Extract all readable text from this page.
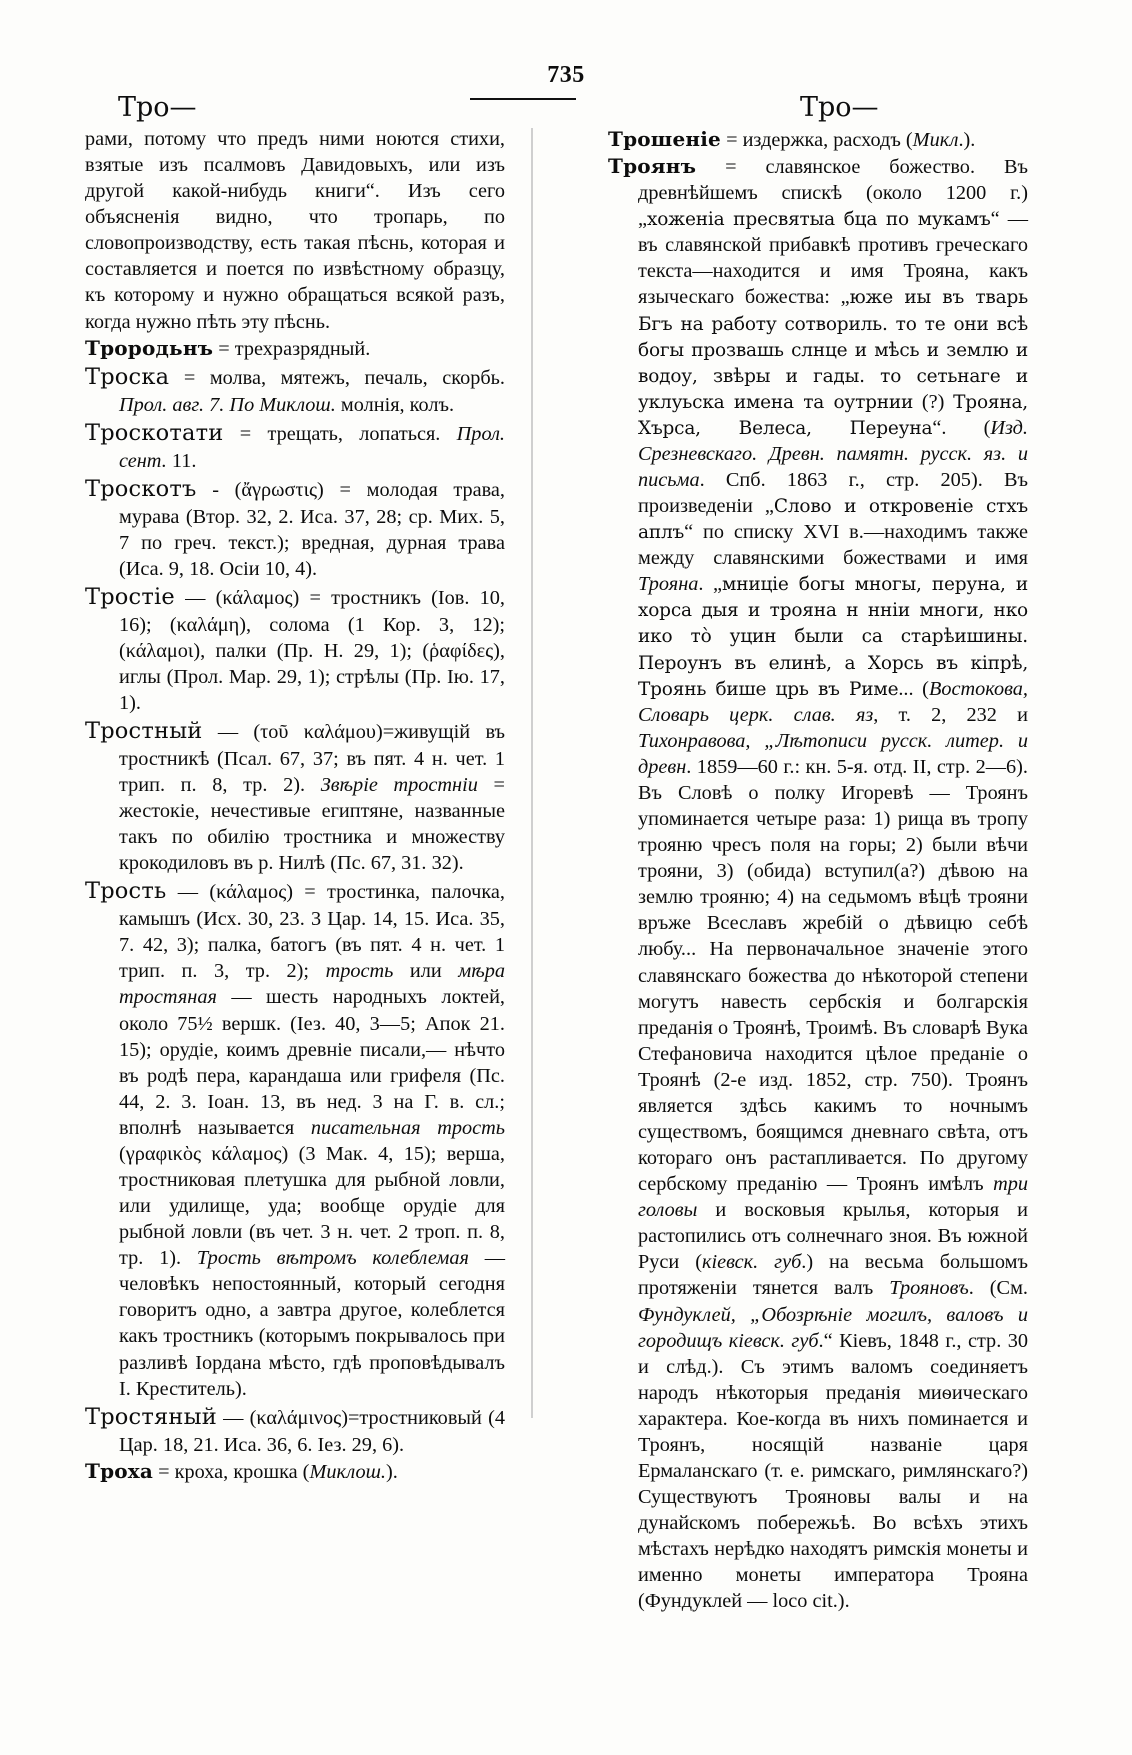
735
Тро—	Тро—

рами, потому что предъ ними ноются стихи, взятые изъ псалмовъ Давидовыхъ, или изъ другой какой-нибудь книги“. Изъ сего объясненія видно, что тропарь, по словопроизводству, есть такая пѣснь, которая и составляется и поется по извѣстному образцу, къ которому и нужно обращаться всякой разъ, когда нужно пѣть эту пѣснь.

Трородьнъ = трехразрядный.

Троска = молва, мятежъ, печаль, скорбь. Прол. авг. 7. По Миклош. молнія, колъ.

Троскотати = трещать, лопаться. Прол. сент. 11.

Троскотъ - (ἄγρωστις) = молодая трава, мурава (Втор. 32, 2. Иса. 37, 28; ср. Мих. 5, 7 по греч. текст.); вредная, дурная трава (Иса. 9, 18. Осіи 10, 4).

Тростіе — (κάλαμος) = тростникъ (Іов. 10, 16); (καλάμη), солома (1 Кор. 3, 12); (κάλαμοι), палки (Пр. Н. 29, 1); (ῥαφίδες), иглы (Прол. Мар. 29, 1); стрѣлы (Пр. Ію. 17, 1).

Тростный — (τοῦ καλάμου)=живущій въ тростникѣ (Псал. 67, 37; въ пят. 4 н. чет. 1 трип. п. 8, тр. 2). Звѣріе тростніи = жестокіе, нечестивые египтяне, названные такъ по обилію тростника и множеству крокодиловъ въ р. Нилѣ (Пс. 67, 31. 32).

Трость — (κάλαμος) = тростинка, палочка, камышъ (Исх. 30, 23. 3 Цар. 14, 15. Иса. 35, 7. 42, 3); палка, батогъ (въ пят. 4 н. чет. 1 трип. п. 3, тр. 2); трость или мѣра тростяная — шесть народныхъ локтей, около 75½ вершк. (Іез. 40, 3—5; Апок 21. 15); орудіе, коимъ древніе писали,— нѣчто въ родѣ пера, карандаша или грифеля (Пс. 44, 2. 3. Іоан. 13, въ нед. 3 на Г. в. сл.; вполнѣ называется писательная трость (γραφικὸς κάλαμος) (3 Мак. 4, 15); верша, тростниковая плетушка для рыбной ловли, или удилище, уда; вообще орудіе для рыбной ловли (въ чет. 3 н. чет. 2 троп. п. 8, тр. 1). Трость вѣтромъ колеблемая — человѣкъ непостоянный, который сегодня говоритъ одно, а завтра другое, колеблется какъ тростникъ (которымъ покрывалось при разливѣ Іордана мѣсто, гдѣ проповѣдывалъ І. Креститель).

Тростяный — (καλάμινος)=тростниковый (4 Цар. 18, 21. Иса. 36, 6. Іез. 29, 6).

Троха = кроха, крошка (Миклош.).

Трошеніе = издержка, расходъ (Микл.).

Троянъ = славянское божество. Въ древнѣйшемъ спискѣ (около 1200 г.) „хоженіа пресвятыа бца по мукамъ“ — въ славянской прибавкѣ противъ греческаго текста—находится и имя Трояна, какъ языческаго божества: „юже иы въ тварь Бгъ на работу сотвориль. то те они всѣ богы прозвашь слнце и мѣсь и землю и водоу, звѣры и гады. то сетьнаге и уклуьска имена та оутрнии (?) Трояна, Хърса, Велеса, Переуна“. (Изд. Срезневскаго. Древн. памятн. русск. яз. и письма. Спб. 1863 г., стр. 205). Въ произведеніи „Слово и откровеніе стхъ аплъ“ по списку XVI в.—находимъ также между славянскими божествами и имя Трояна. „мниціе богы многы, перуна, и хорса дыя и трояна н нніи многи, нко ико тò уцин были са старѣишины. Пероунъ въ елинѣ, а Хорсь въ кіпрѣ, Троянь бише црь въ Риме... (Востокова, Словарь церк. слав. яз, т. 2, 232 и Тихонравова, „Лѣтописи русск. литер. и древн. 1859—60 г.: кн. 5-я. отд. II, стр. 2—6). Въ Словѣ о полку Игоревѣ — Троянъ упоминается четыре раза: 1) рища въ тропу трояню чресъ поля на горы; 2) были вѣчи трояни, 3) (обида) вступил(а?) дѣвою на землю трояню; 4) на седьмомъ вѣцѣ трояни връже Всеславъ жребій о дѣвицю себѣ любу... На первоначальное значеніе этого славянскаго божества до нѣкоторой степени могутъ навесть сербскія и болгарскія преданія о Троянѣ, Троимѣ. Въ словарѣ Вука Стефановича находится цѣлое преданіе о Троянѣ (2-е изд. 1852, стр. 750). Троянъ является здѣсь какимъ то ночнымъ существомъ, боящимся дневнаго свѣта, отъ котораго онъ растапливается. По другому сербскому преданію — Троянъ имѣлъ три головы и восковыя крылья, которыя и растопились отъ солнечнаго зноя. Въ южной Руси (кіевск. губ.) на весьма большомъ протяженіи тянется валъ Трояновъ. (См. Фундуклей, „Обозрѣніе могилъ, валовъ и городищъ кіевск. губ.“ Кіевъ, 1848 г., стр. 30 и слѣд.). Съ этимъ валомъ соединяетъ народъ нѣкоторыя преданія миѳическаго характера. Кое-когда въ нихъ поминается и Троянъ, носящій названіе царя Ермаланскаго (т. е. римскаго, римлянскаго?) Существуютъ Трояновы валы и на дунайскомъ побережьѣ. Во всѣхъ этихъ мѣстахъ нерѣдко находятъ римскія монеты и именно монеты императора Трояна (Фундуклей — loco cit.).
